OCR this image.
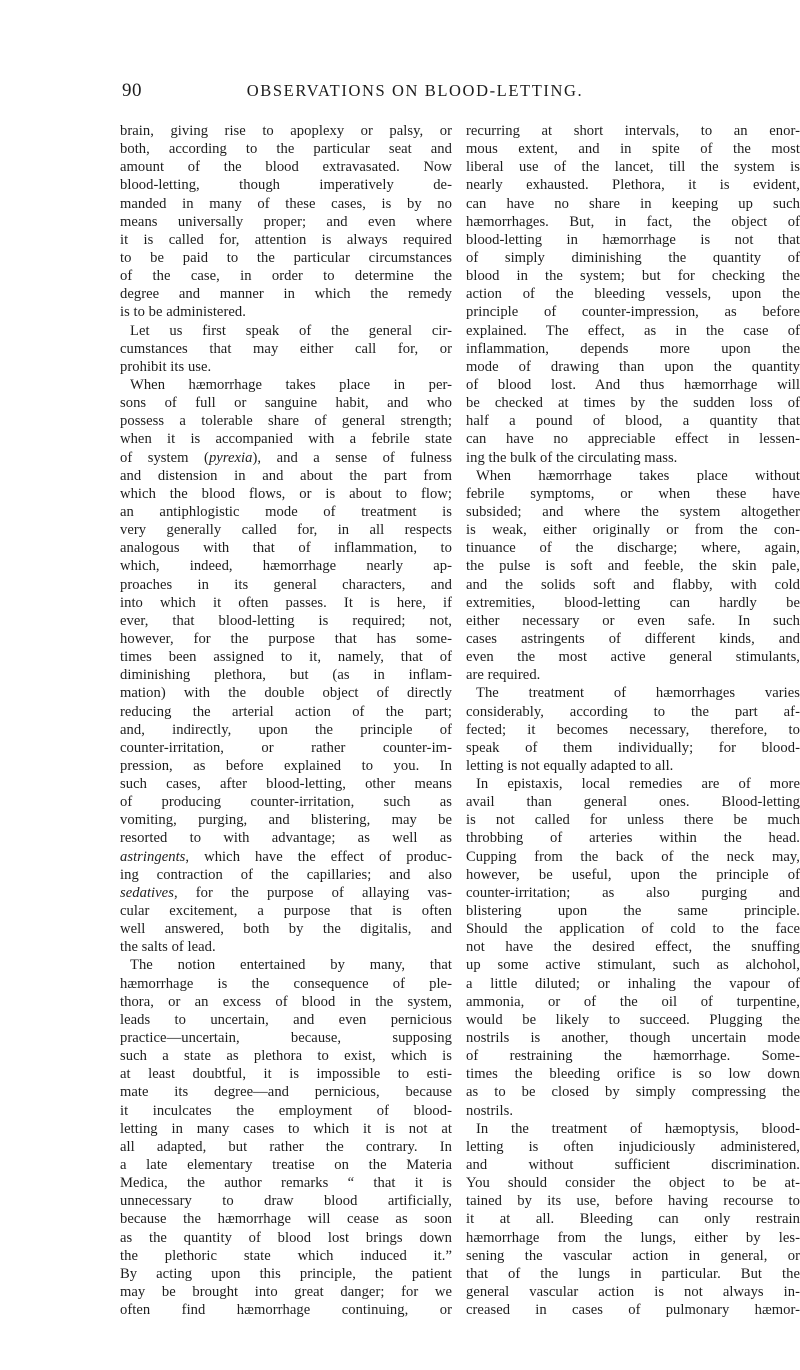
90	OBSERVATIONS ON BLOOD-LETTING.
brain, giving rise to apoplexy or palsy, or
both, according to the particular seat and
amount of the blood extravasated. Now
blood-letting, though imperatively de-
manded in many of these cases, is by no
means universally proper; and even where
it is called for, attention is always required
to be paid to the particular circumstances
of the case, in order to determine the
degree and manner in which the remedy
is to be administered.
Let us first speak of the general cir-
cumstances that may either call for, or
prohibit its use.
When hæmorrhage takes place in per-
sons of full or sanguine habit, and who
possess a tolerable share of general strength;
when it is accompanied with a febrile state
of system (pyrexia), and a sense of fulness
and distension in and about the part from
which the blood flows, or is about to flow;
an antiphlogistic mode of treatment is
very generally called for, in all respects
analogous with that of inflammation, to
which, indeed, hæmorrhage nearly ap-
proaches in its general characters, and
into which it often passes. It is here, if
ever, that blood-letting is required; not,
however, for the purpose that has some-
times been assigned to it, namely, that of
diminishing plethora, but (as in inflam-
mation) with the double object of directly
reducing the arterial action of the part;
and, indirectly, upon the principle of
counter-irritation, or rather counter-im-
pression, as before explained to you. In
such cases, after blood-letting, other means
of producing counter-irritation, such as
vomiting, purging, and blistering, may be
resorted to with advantage; as well as
astringents, which have the effect of produc-
ing contraction of the capillaries; and also
sedatives, for the purpose of allaying vas-
cular excitement, a purpose that is often
well answered, both by the digitalis, and
the salts of lead.
The notion entertained by many, that
hæmorrhage is the consequence of ple-
thora, or an excess of blood in the system,
leads to uncertain, and even pernicious
practice—uncertain, because, supposing
such a state as plethora to exist, which is
at least doubtful, it is impossible to esti-
mate its degree—and pernicious, because
it inculcates the employment of blood-
letting in many cases to which it is not at
all adapted, but rather the contrary. In
a late elementary treatise on the Materia
Medica, the author remarks “ that it is
unnecessary to draw blood artificially,
because the hæmorrhage will cease as soon
as the quantity of blood lost brings down
the plethoric state which induced it.”
By acting upon this principle, the patient
may be brought into great danger; for we
often find hæmorrhage continuing, or
recurring at short intervals, to an enor-
mous extent, and in spite of the most
liberal use of the lancet, till the system is
nearly exhausted. Plethora, it is evident,
can have no share in keeping up such
hæmorrhages. But, in fact, the object of
blood-letting in hæmorrhage is not that
of simply diminishing the quantity of
blood in the system; but for checking the
action of the bleeding vessels, upon the
principle of counter-impression, as before
explained. The effect, as in the case of
inflammation, depends more upon the
mode of drawing than upon the quantity
of blood lost. And thus hæmorrhage will
be checked at times by the sudden loss of
half a pound of blood, a quantity that
can have no appreciable effect in lessen-
ing the bulk of the circulating mass.
When hæmorrhage takes place without
febrile symptoms, or when these have
subsided; and where the system altogether
is weak, either originally or from the con-
tinuance of the discharge; where, again,
the pulse is soft and feeble, the skin pale,
and the solids soft and flabby, with cold
extremities, blood-letting can hardly be
either necessary or even safe. In such
cases astringents of different kinds, and
even the most active general stimulants,
are required.
The treatment of hæmorrhages varies
considerably, according to the part af-
fected; it becomes necessary, therefore, to
speak of them individually; for blood-
letting is not equally adapted to all.
In epistaxis, local remedies are of more
avail than general ones. Blood-letting
is not called for unless there be much
throbbing of arteries within the head.
Cupping from the back of the neck may,
however, be useful, upon the principle of
counter-irritation; as also purging and
blistering upon the same principle.
Should the application of cold to the face
not have the desired effect, the snuffing
up some active stimulant, such as alchohol,
a little diluted; or inhaling the vapour of
ammonia, or of the oil of turpentine,
would be likely to succeed. Plugging the
nostrils is another, though uncertain mode
of restraining the hæmorrhage. Some-
times the bleeding orifice is so low down
as to be closed by simply compressing the
nostrils.
In the treatment of hæmoptysis, blood-
letting is often injudiciously administered,
and without sufficient discrimination.
You should consider the object to be at-
tained by its use, before having recourse to
it at all. Bleeding can only restrain
hæmorrhage from the lungs, either by les-
sening the vascular action in general, or
that of the lungs in particular. But the
general vascular action is not always in-
creased in cases of pulmonary hæmor-
